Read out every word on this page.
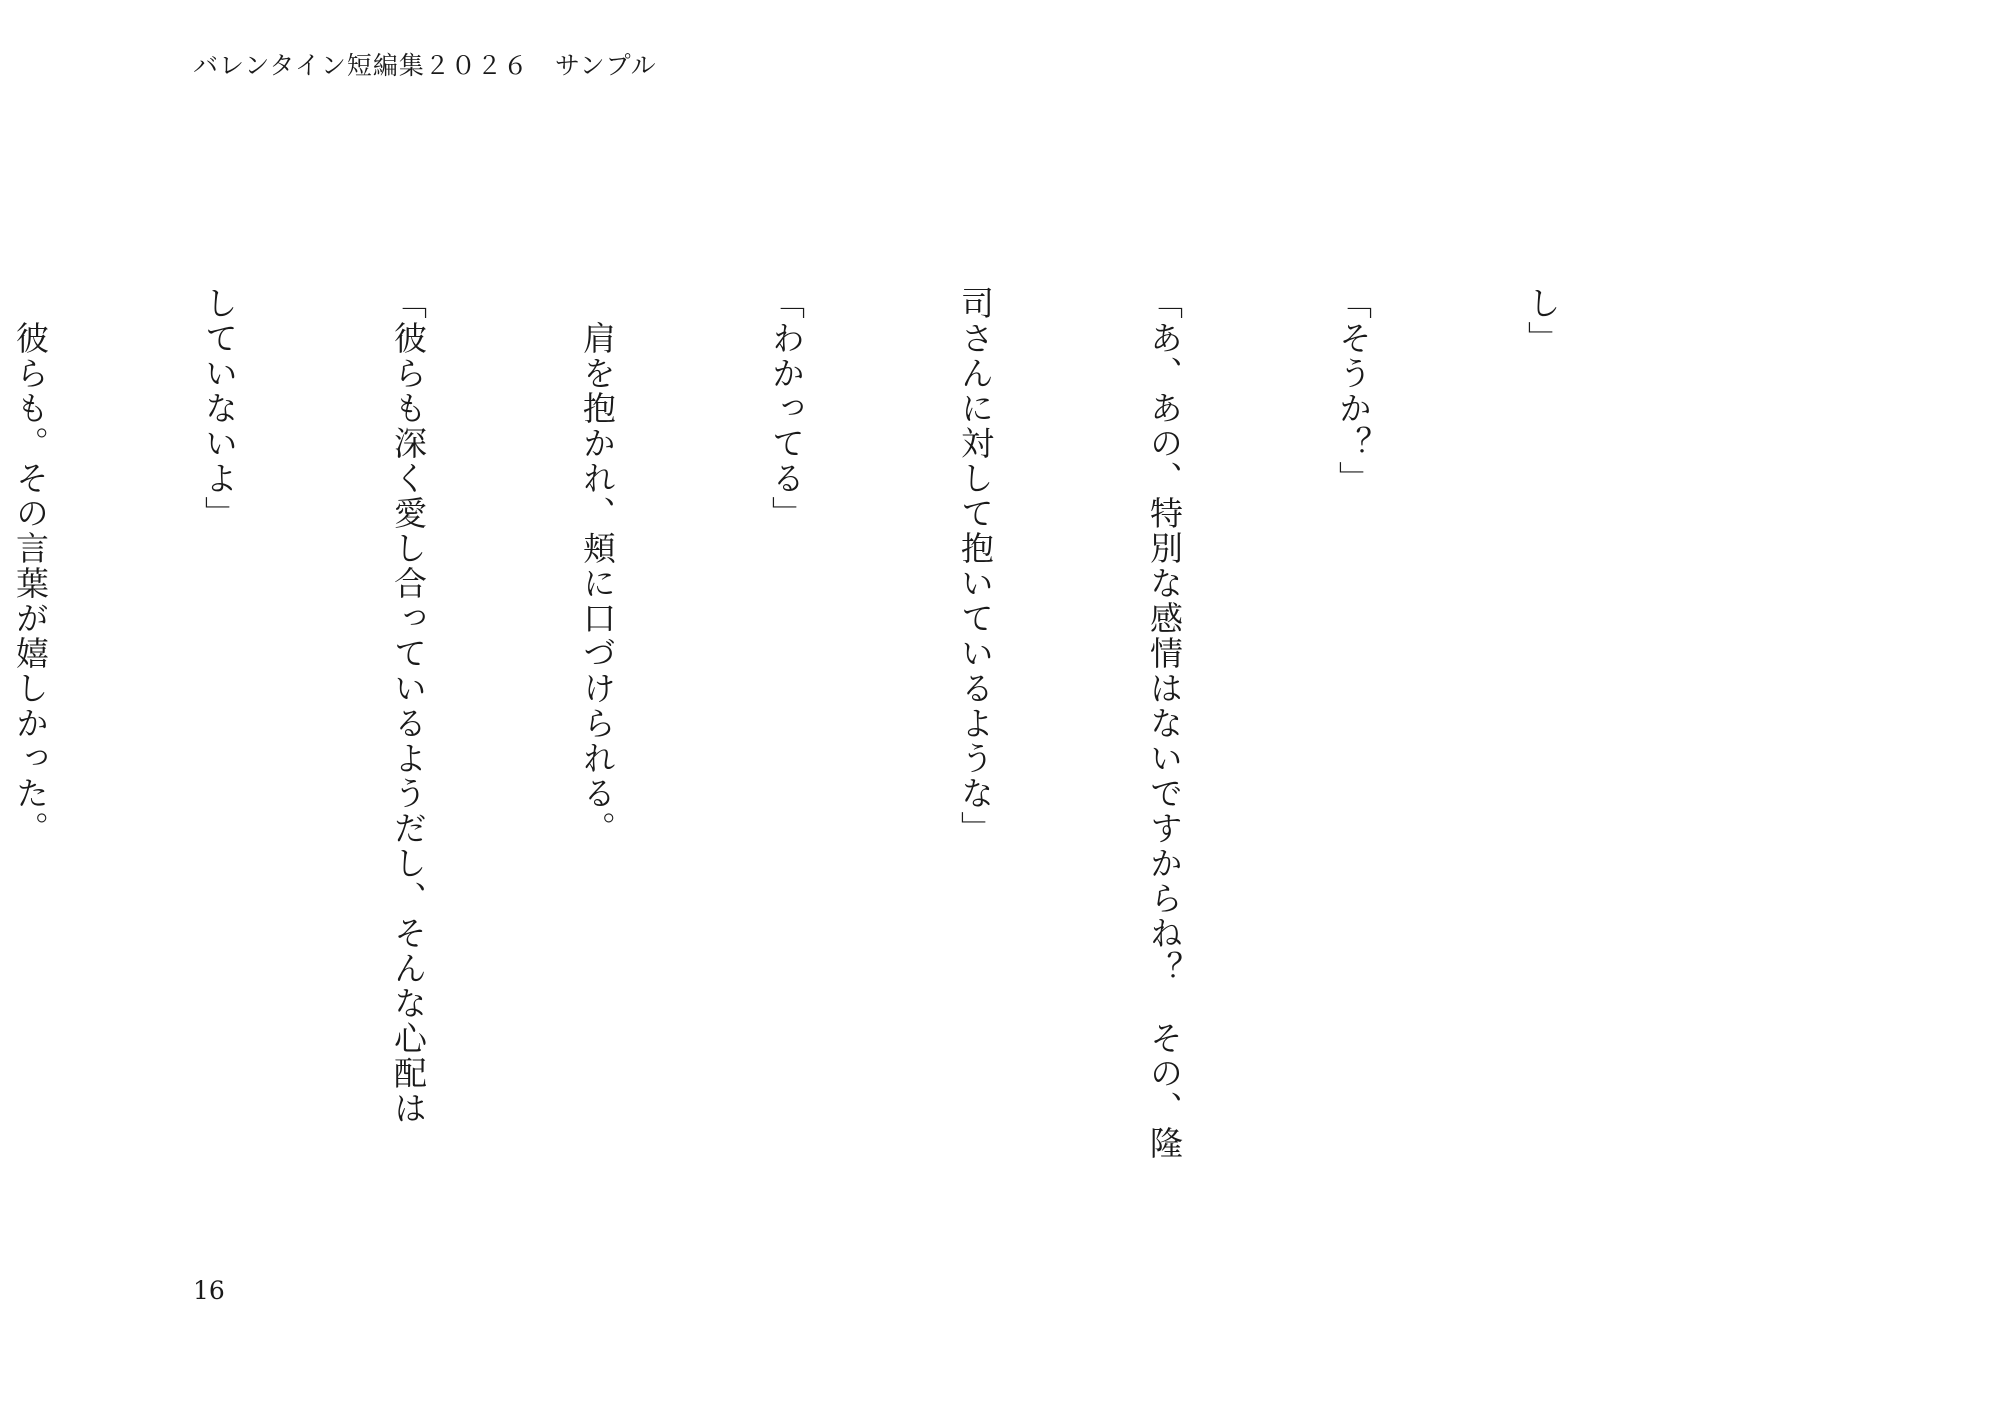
バレンタイン短編集２０２６　サンプル

し」

「そうか？」

「あ、あの、特別な感情はないですからね？　その、隆

司さんに対して抱いているような」

「わかってる」

　肩を抱かれ、頬に口づけられる。

「彼らも深く愛し合っているようだし、そんな心配は

していないよ」

　彼らも。その言葉が嬉しかった。

16
